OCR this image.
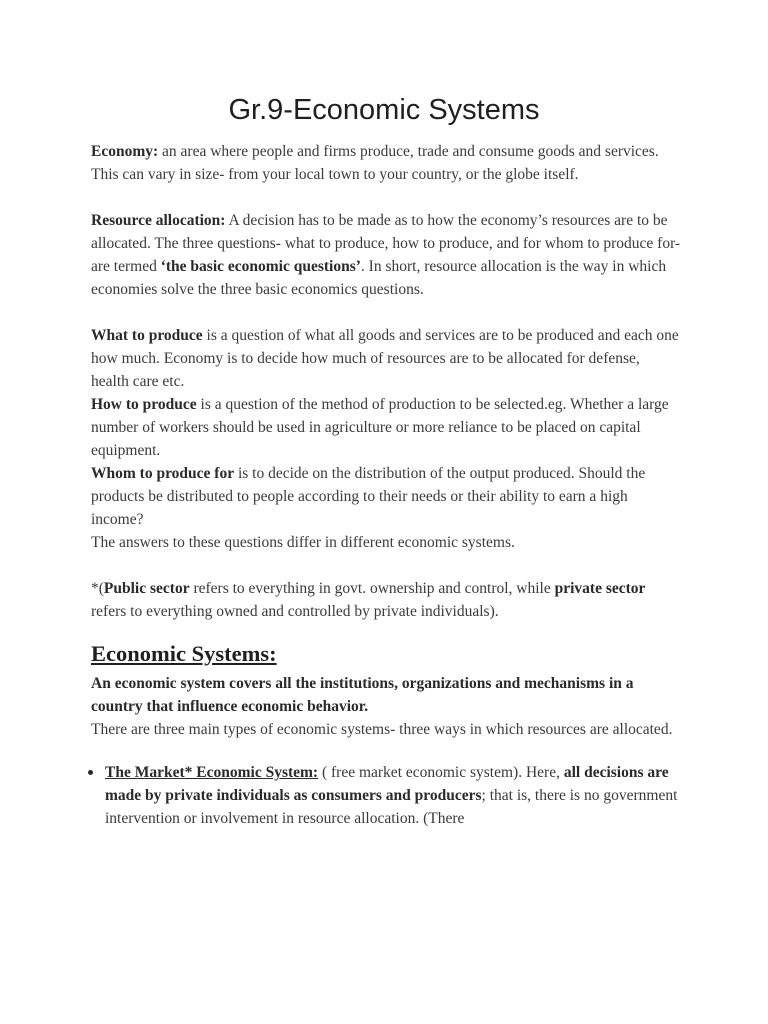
Gr.9-Economic Systems

Economy: an area where people and firms produce, trade and consume goods and services. This can vary in size- from your local town to your country, or the globe itself.

Resource allocation: A decision has to be made as to how the economy’s resources are to be allocated. The three questions- what to produce, how to produce, and for whom to produce for- are termed ‘the basic economic questions’. In short, resource allocation is the way in which economies solve the three basic economics questions.

What to produce is a question of what all goods and services are to be produced and each one how much. Economy is to decide how much of resources are to be allocated for defense, health care etc.

How to produce is a question of the method of production to be selected.eg. Whether a large number of workers should be used in agriculture or more reliance to be placed on capital equipment.

Whom to produce for is to decide on the distribution of the output produced. Should the products be distributed to people according to their needs or their ability to earn a high income?

The answers to these questions differ in different economic systems.

*(Public sector refers to everything in govt. ownership and control, while private sector refers to everything owned and controlled by private individuals).

Economic Systems:

An economic system covers all the institutions, organizations and mechanisms in a country that influence economic behavior.

There are three main types of economic systems- three ways in which resources are allocated.

The Market* Economic System: ( free market economic system). Here, all decisions are made by private individuals as consumers and producers; that is, there is no government intervention or involvement in resource allocation. (There
